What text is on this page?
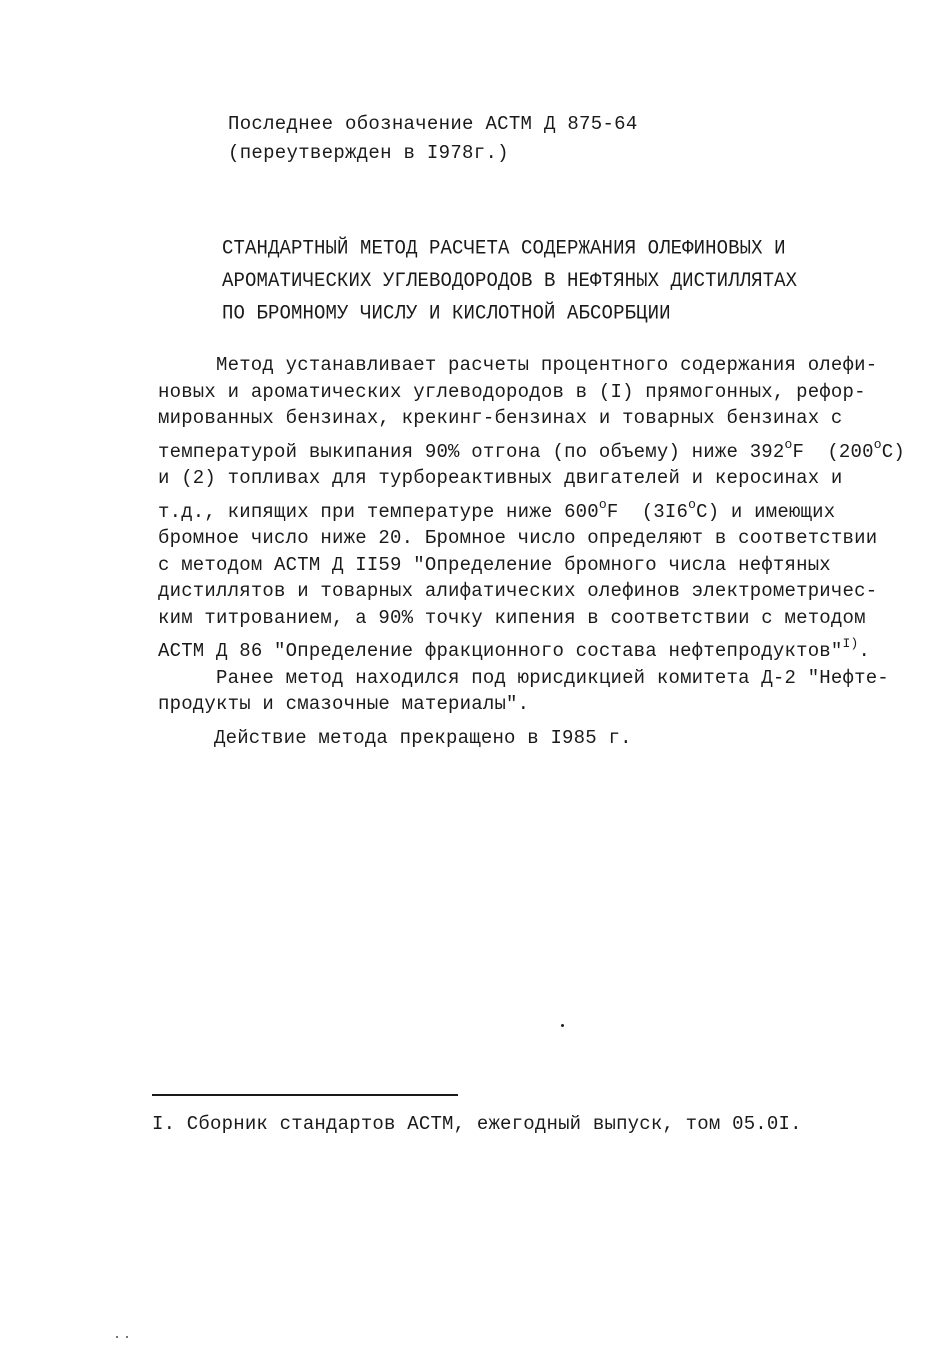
Последнее обозначение АСТМ Д 875-64
(переутвержден в I978г.)
СТАНДАРТНЫЙ МЕТОД РАСЧЕТА СОДЕРЖАНИЯ ОЛЕФИНОВЫХ И
АРОМАТИЧЕСКИХ УГЛЕВОДОРОДОВ В НЕФТЯНЫХ ДИСТИЛЛЯТАХ
ПО БРОМНОМУ ЧИСЛУ И КИСЛОТНОЙ АБСОРБЦИИ
Метод устанавливает расчеты процентного содержания олефи-
новых и ароматических углеводородов в (I) прямогонных, рефор-
мированных бензинах, крекинг-бензинах и товарных бензинах с
температурой выкипания 90% отгона (по объему) ниже 392$^o$F  (200$^o$C)
и (2) топливах для турбореактивных двигателей и керосинах и
т.д., кипящих при температуре ниже 600$^o$F  (3I6$^o$C) и имеющих
бромное число ниже 20. Бромное число определяют в соответствии
с методом АСТМ Д II59 "Определение бромного числа нефтяных
дистиллятов и товарных алифатических олефинов электрометричес-
ким титрованием, а 90% точку кипения в соответствии с методом
АСТМ Д 86 "Определение фракционного состава нефтепродуктов"$^{I)}$.
Ранее метод находился под юрисдикцией комитета Д-2 "Нефте-
продукты и смазочные материалы".
Действие метода прекращено в I985 г.
I. Сборник стандартов АСТМ, ежегодный выпуск, том 05.0I.
